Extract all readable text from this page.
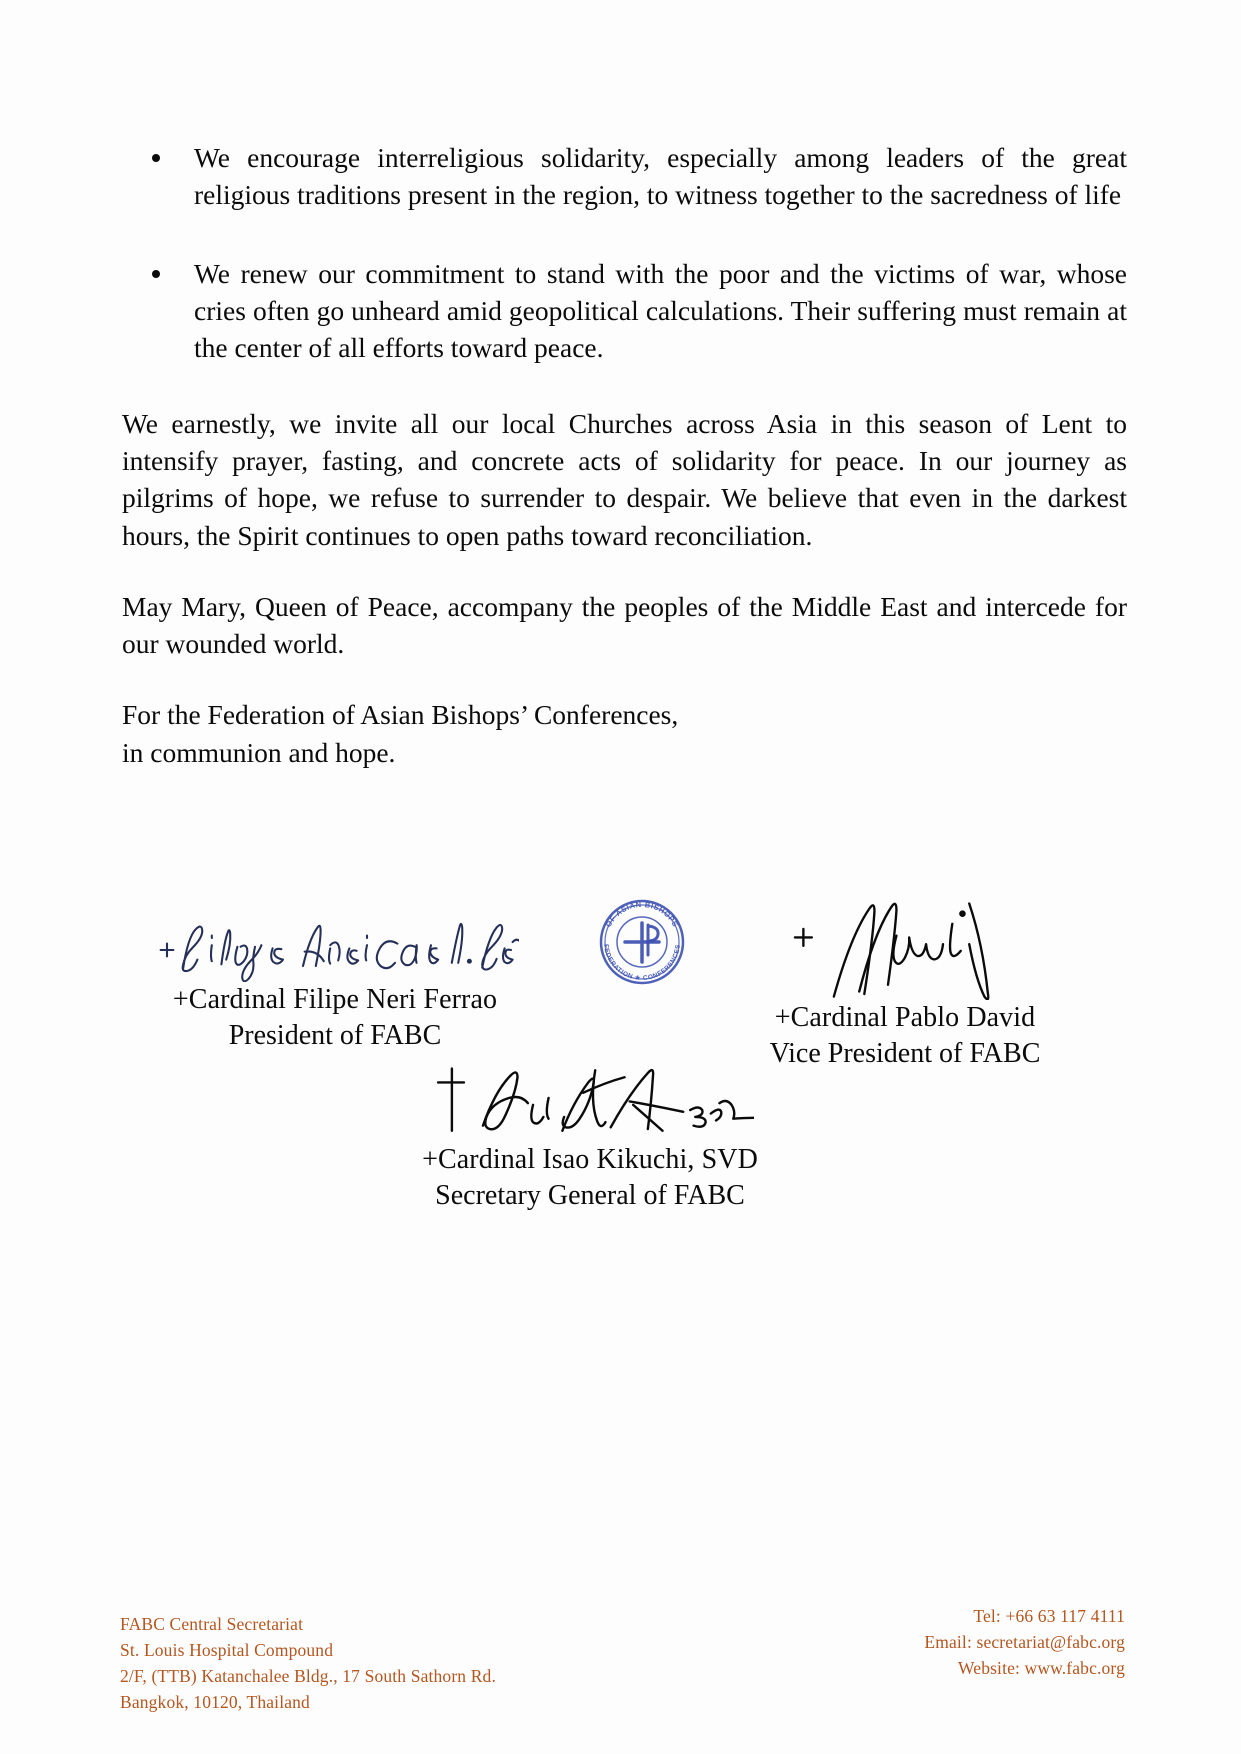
We encourage interreligious solidarity, especially among leaders of the great religious traditions present in the region, to witness together to the sacredness of life
We renew our commitment to stand with the poor and the victims of war, whose cries often go unheard amid geopolitical calculations. Their suffering must remain at the center of all efforts toward peace.

We earnestly, we invite all our local Churches across Asia in this season of Lent to intensify prayer, fasting, and concrete acts of solidarity for peace. In our journey as pilgrims of hope, we refuse to surrender to despair. We believe that even in the darkest hours, the Spirit continues to open paths toward reconciliation.

May Mary, Queen of Peace, accompany the peoples of the Middle East and intercede for our wounded world.

For the Federation of Asian Bishops’ Conferences,
in communion and hope.

OF ASIAN BISHOPS
FEDERATION ★ CONFERENCES
+Cardinal Filipe Neri Ferrao
President of FABC
+Cardinal Pablo David
Vice President of FABC
+Cardinal Isao Kikuchi, SVD
Secretary General of FABC
FABC Central Secretariat
St. Louis Hospital Compound
2/F, (TTB) Katanchalee Bldg., 17 South Sathorn Rd.
Bangkok, 10120, Thailand
Tel: +66 63 117 4111
Email: secretariat@fabc.org
Website: www.fabc.org
